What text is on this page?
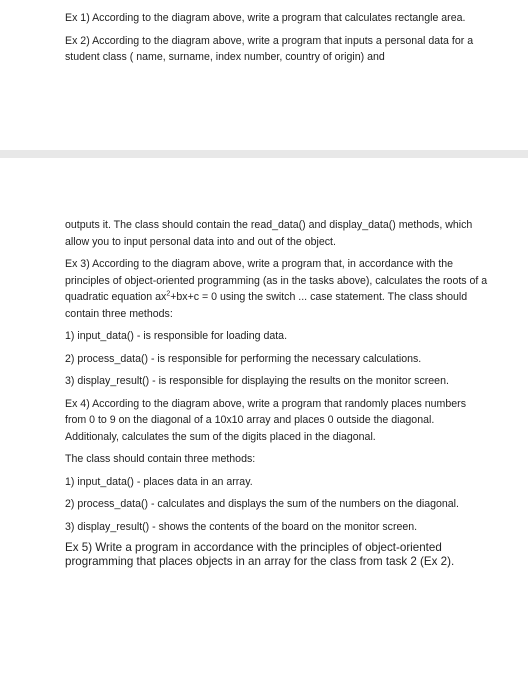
Ex 1) According to the diagram above, write a program that calculates rectangle area.

Ex 2) According to the diagram above, write a program that inputs a personal data for a student class ( name, surname, index number, country of origin) and

outputs it. The class should contain the read_data() and display_data() methods, which allow you to input personal data into and out of the object.

Ex 3) According to the diagram above, write a program that, in accordance with the principles of object-oriented programming (as in the tasks above), calculates the roots of a quadratic equation $ax^2+bx+c = 0$ using the switch ... case statement. The class should contain three methods:

1) input_data() - is responsible for loading data.

2) process_data() - is responsible for performing the necessary calculations.

3) display_result() - is responsible for displaying the results on the monitor screen.

Ex 4) According to the diagram above, write a program that randomly places numbers from 0 to 9 on the diagonal of a 10x10 array and places 0 outside the diagonal. Additionaly, calculates the sum of the digits placed in the diagonal.

The class should contain three methods:

1) input_data() - places data in an array.

2) process_data() - calculates and displays the sum of the numbers on the diagonal.

3) display_result() - shows the contents of the board on the monitor screen.

Ex 5) Write a program in accordance with the principles of object-oriented programming that places objects in an array for the class from task 2 (Ex 2).
